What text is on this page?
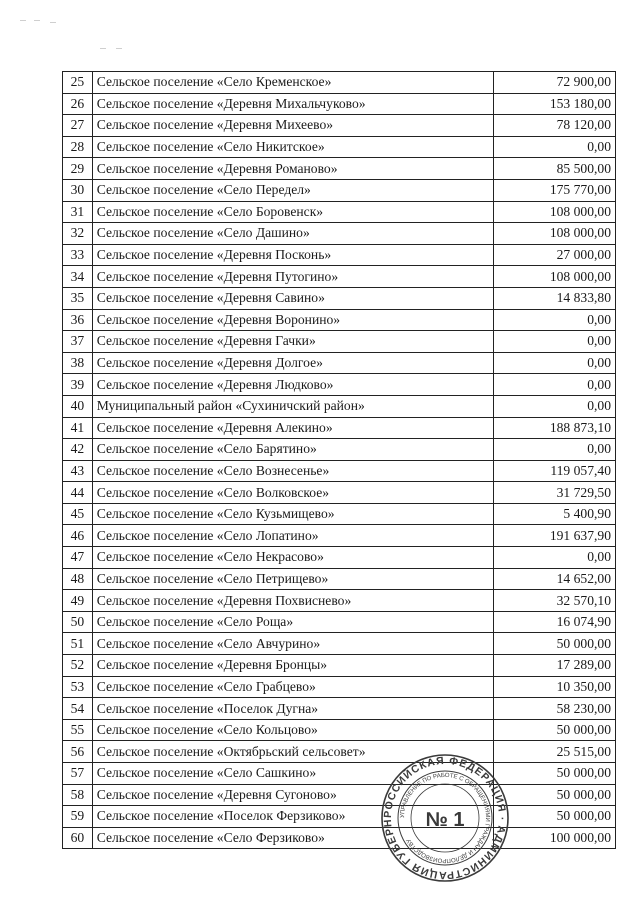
25	Сельское поселение «Село Кременское»	72 900,00
26	Сельское поселение «Деревня Михальчуково»	153 180,00
27	Сельское поселение «Деревня Михеево»	78 120,00
28	Сельское поселение «Село Никитское»	0,00
29	Сельское поселение «Деревня Романово»	85 500,00
30	Сельское поселение «Село Передел»	175 770,00
31	Сельское поселение «Село Боровенск»	108 000,00
32	Сельское поселение «Село Дашино»	108 000,00
33	Сельское поселение «Деревня Посконь»	27 000,00
34	Сельское поселение «Деревня Путогино»	108 000,00
35	Сельское поселение «Деревня Савино»	14 833,80
36	Сельское поселение «Деревня Воронино»	0,00
37	Сельское поселение «Деревня Гачки»	0,00
38	Сельское поселение «Деревня Долгое»	0,00
39	Сельское поселение «Деревня Людково»	0,00
40	Муниципальный район «Сухиничский район»	0,00
41	Сельское поселение «Деревня Алекино»	188 873,10
42	Сельское поселение «Село Барятино»	0,00
43	Сельское поселение «Село Вознесенье»	119 057,40
44	Сельское поселение «Село Волковское»	31 729,50
45	Сельское поселение «Село Кузьмищево»	5 400,90
46	Сельское поселение «Село Лопатино»	191 637,90
47	Сельское поселение «Село Некрасово»	0,00
48	Сельское поселение «Село Петрищево»	14 652,00
49	Сельское поселение «Деревня Похвиснево»	32 570,10
50	Сельское поселение «Село Роща»	16 074,90
51	Сельское поселение «Село Авчурино»	50 000,00
52	Сельское поселение «Деревня Бронцы»	17 289,00
53	Сельское поселение «Село Грабцево»	10 350,00
54	Сельское поселение «Поселок Дугна»	58 230,00
55	Сельское поселение «Село Кольцово»	50 000,00
56	Сельское поселение «Октябрьский сельсовет»	25 515,00
57	Сельское поселение «Село Сашкино»	50 000,00
58	Сельское поселение «Деревня Сугоново»	50 000,00
59	Сельское поселение «Поселок Ферзиково»	50 000,00
60	Сельское поселение «Село Ферзиково»	100 000,00
РОССИЙСКАЯ ФЕДЕРАЦИЯ · АДМИНИСТРАЦИЯ ГУБЕРН
УПРАВЛЕНИЕ ПО РАБОТЕ С ОБРАЩЕНИЯМИ ГРАЖДАН И ДЕЛОПРОИЗВОДСТВУ
№ 1
